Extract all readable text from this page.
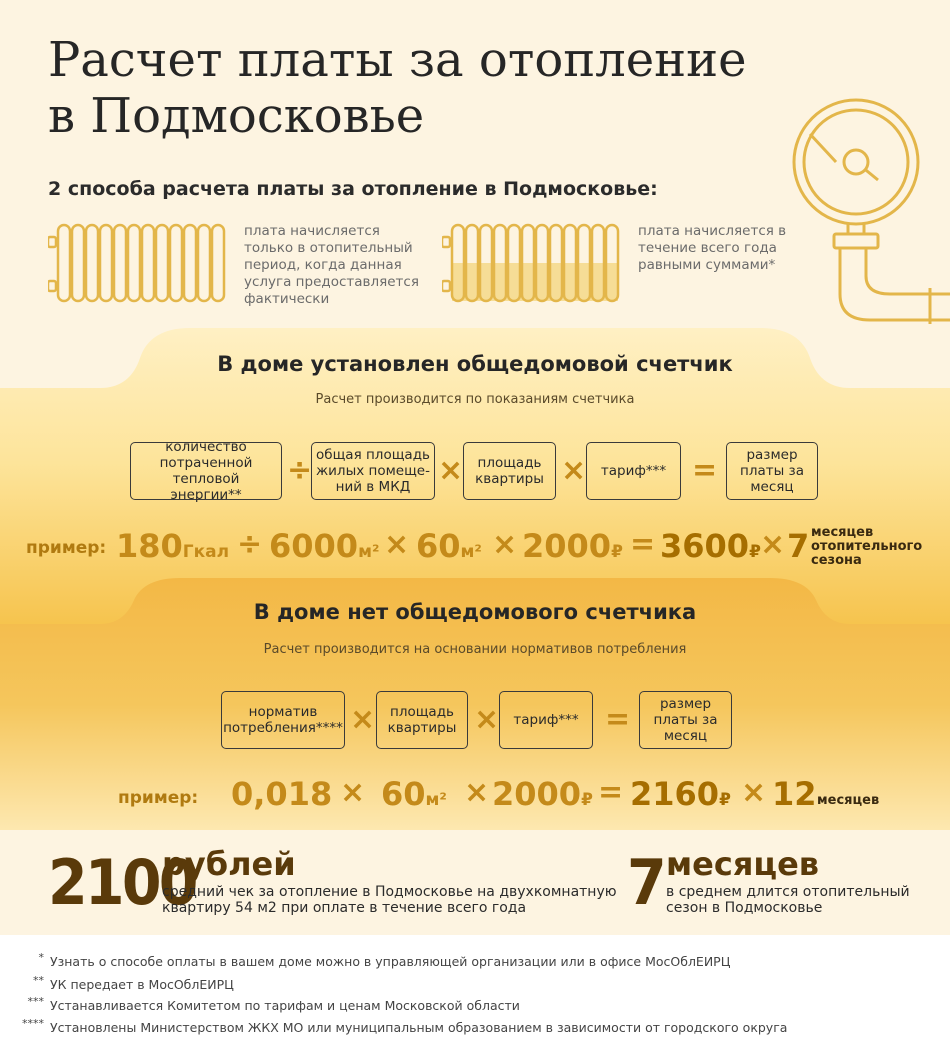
Расчет платы за отопление
в Подмосковье
2 способа расчета платы за отопление в Подмосковье:
плата начисляется только в отопительный период, когда данная услуга предоставляется фактически
плата начисляется в течение всего года равными суммами*
В доме установлен общедомовой счетчик
Расчет производится по показаниям счетчика
количество потраченной тепловой энергии**
÷ общая площадь жилых помеще-ний в МКД ×	площадь квартиры ×	тариф*** =	размер платы за месяц
пример: 180Гкал ÷ 6000м² × 60м² × 2000₽ = 3600₽ × 7 месяцев
отопительного
сезона
В доме нет общедомового счетчика
Расчет производится на основании нормативов потребления
норматив потребления**** ×	площадь квартиры ×	тариф*** =	размер платы за месяц
пример: 0,018 × 60м² × 2000₽ = 2160₽ × 12 месяцев
2100
рублей
средний чек за отопление в Подмосковье на двухкомнатную
квартиру 54 м2 при оплате в течение всего года	7 месяцев
в среднем длится отопительный
сезон в Подмосковье
* Узнать о способе оплаты в вашем доме можно в управляющей организации или в офисе МосОблЕИРЦ
** УК передает в МосОблЕИРЦ
*** Устанавливается Комитетом по тарифам и ценам Московской области
**** Установлены Министерством ЖКХ МО или муниципальным образованием в зависимости от городского округа
